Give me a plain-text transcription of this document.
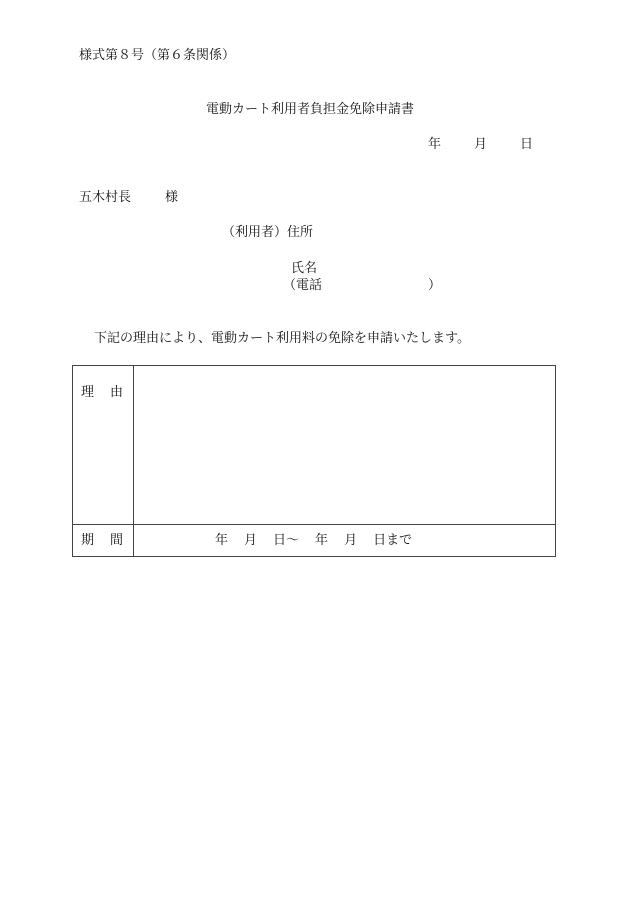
様式第８号（第６条関係）
電動カート利用者負担金免除申請書
年	月	日
五木村長	様
（利用者）住所
氏名
（電話	）
下記の理由により、電動カート利用料の免除を申請いたします。
理 由
期 間	年 月 日～ 年 月 日まで
